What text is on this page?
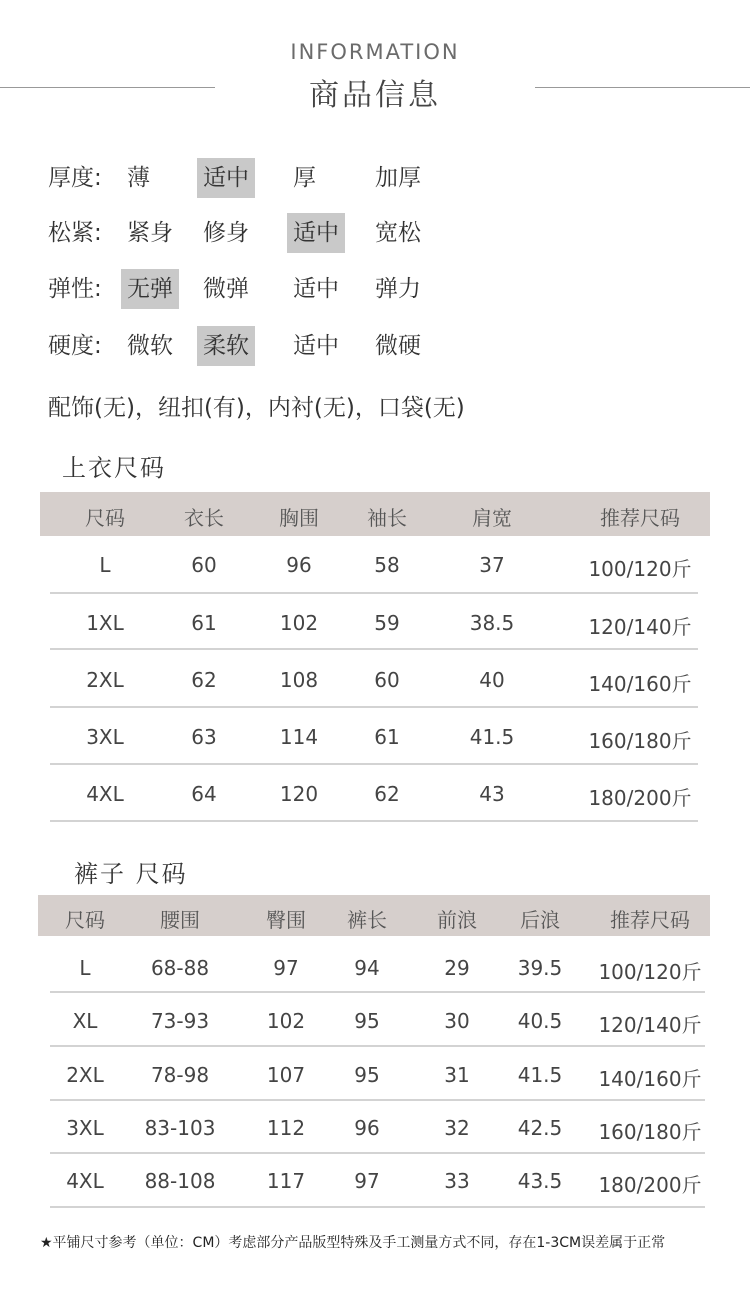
INFORMATION
商品信息
厚度: 薄 适中 厚	加厚
松紧: 紧身 修身 适中 宽松
弹性: 无弹 微弹 适中 弹力
硬度: 微软 柔软 适中 微硬
配饰(无)，纽扣(有)，内衬(无)，口袋(无)
上衣尺码
尺码	衣长	胸围 袖长	肩宽	推荐尺码
L	60	96	58	37	100/120斤
1XL	61	102	59	38.5	120/140斤
2XL	62	108	60	40	140/160斤
3XL	63	114	61	41.5	160/180斤
4XL	64	120	62	43	180/200斤
裤子 尺码
尺码	腰围	臀围 裤长	前浪 后浪	推荐尺码
L	68-88	97	94	29 39.5 100/120斤
XL	73-93	102 95	30 40.5 120/140斤
2XL 78-98	107 95	31 41.5 140/160斤
3XL 83-103	112 96	32 42.5 160/180斤
4XL 88-108	117 97	33 43.5 180/200斤
★平铺尺寸参考（单位：CM）考虑部分产品版型特殊及手工测量方式不同，存在1-3CM误差属于正常
